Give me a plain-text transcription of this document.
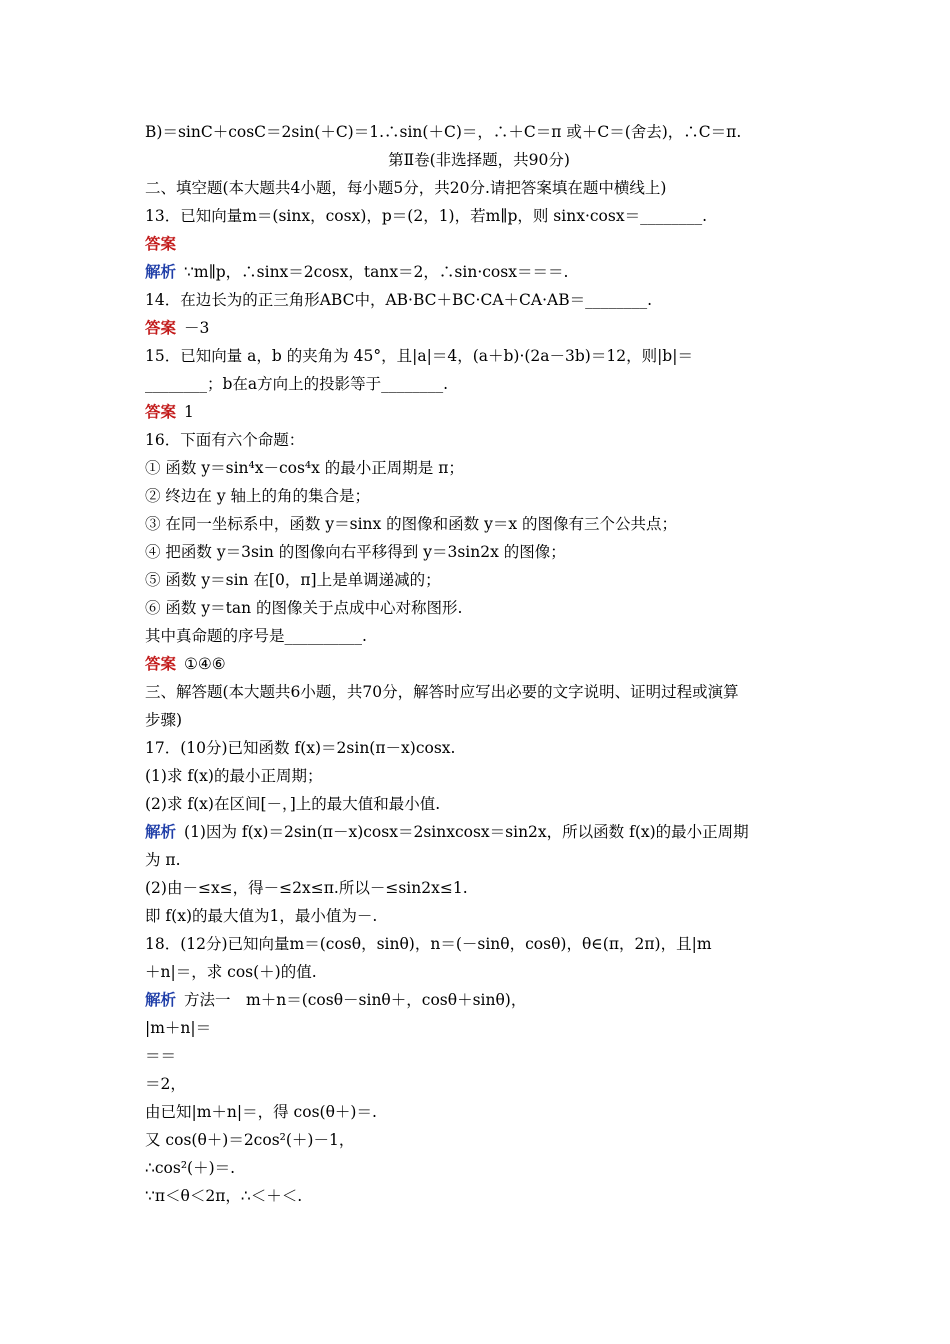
B)＝sinC＋cosC＝2sin(＋C)＝1.∴sin(＋C)＝，∴＋C＝π 或＋C＝(舍去)，∴C＝π.
第Ⅱ卷(非选择题，共90分)
二、填空题(本大题共4小题，每小题5分，共20分.请把答案填在题中横线上)
13．已知向量m＝(sinx，cosx)，p＝(2，1)，若m∥p，则 sinx·cosx＝________.
答案
解析 ∵m∥p，∴sinx＝2cosx，tanx＝2，∴sin·cosx＝＝＝.
14．在边长为的正三角形ABC中，AB·BC＋BC·CA＋CA·AB＝________.
答案 －3
15．已知向量 a，b 的夹角为 45°，且|a|＝4，(a＋b)·(2a－3b)＝12，则|b|＝
________；b在a方向上的投影等于________.
答案 1
16．下面有六个命题：
① 函数 y＝sin⁴x－cos⁴x 的最小正周期是 π；
② 终边在 y 轴上的角的集合是；
③ 在同一坐标系中，函数 y＝sinx 的图像和函数 y＝x 的图像有三个公共点；
④ 把函数 y＝3sin 的图像向右平移得到 y＝3sin2x 的图像；
⑤ 函数 y＝sin 在[0，π]上是单调递减的；
⑥ 函数 y＝tan 的图像关于点成中心对称图形.
其中真命题的序号是__________.
答案 ①④⑥
三、解答题(本大题共6小题，共70分，解答时应写出必要的文字说明、证明过程或演算
步骤)
17．(10分)已知函数 f(x)＝2sin(π－x)cosx.
(1)求 f(x)的最小正周期；
(2)求 f(x)在区间[－，]上的最大值和最小值.
解析 (1)因为 f(x)＝2sin(π－x)cosx＝2sinxcosx＝sin2x，所以函数 f(x)的最小正周期
为 π.
(2)由－≤x≤，得－≤2x≤π.所以－≤sin2x≤1.
即 f(x)的最大值为1，最小值为－.
18．(12分)已知向量m＝(cosθ，sinθ)，n＝(－sinθ，cosθ)，θ∈(π，2π)，且|m
＋n|＝，求 cos(＋)的值.
解析 方法一　m＋n＝(cosθ－sinθ＋，cosθ＋sinθ)，
|m＋n|＝
＝＝
＝2，
由已知|m＋n|＝，得 cos(θ＋)＝.
又 cos(θ＋)＝2cos²(＋)－1，
∴cos²(＋)＝.
∵π＜θ＜2π，∴＜＋＜.
